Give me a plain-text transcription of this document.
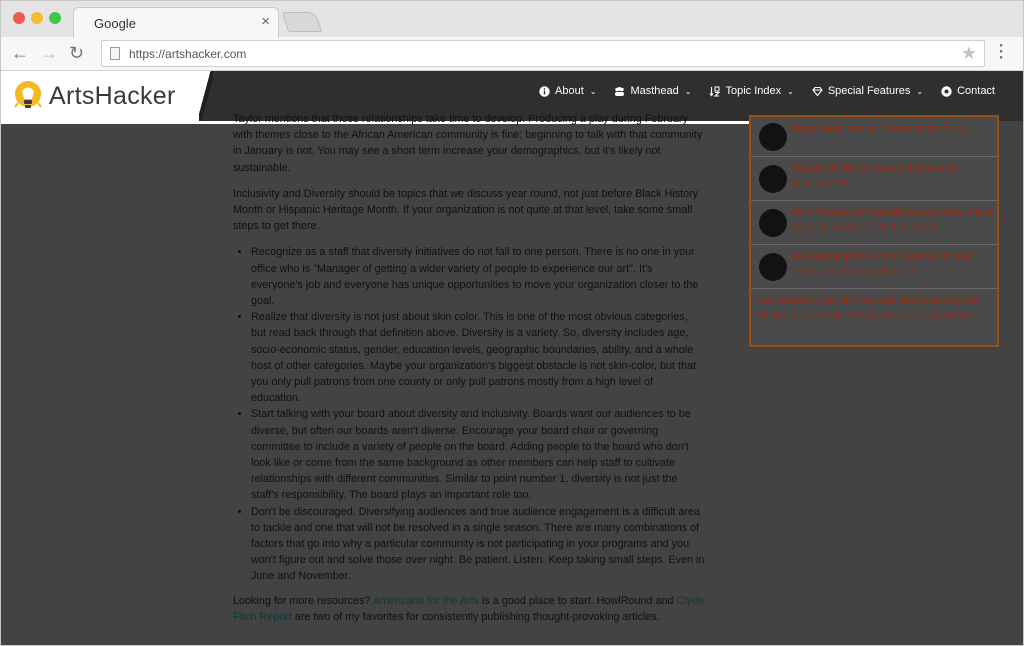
Google	×
← → ↻	https://artshacker.com	★	●
●
●
ArtsHacker	About ⌄	Masthead ⌄	Topic Index ⌄	Special Features ⌄	Contact

Taylor mentions that those relationships take time to develop. Producing a play during February with themes close to the African American community is fine; beginning to talk with that community in January is not. You may see a short term increase your demographics, but it's likely not sustainable.

Inclusivity and Diversity should be topics that we discuss year round, not just before Black History Month or Hispanic Heritage Month. If your organization is not quite at that level, take some small steps to get there.

• Recognize as a staff that diversity initiatives do not fall to one person. There is no one in your office who is "Manager of getting a wider variety of people to experience our art". It's everyone's job and everyone has unique opportunities to move your organization closer to the goal.
• Realize that diversity is not just about skin color. This is one of the most obvious categories, but read back through that definition above. Diversity is a variety. So, diversity includes age, socio-economic status, gender, education levels, geographic boundaries, ability, and a whole host of other categories. Maybe your organization's biggest obstacle is not skin-color, but that you only pull patrons from one county or only pull patrons mostly from a high level of education.
• Start talking with your board about diversity and inclusivity. Boards want our audiences to be diverse, but often our boards aren't diverse. Encourage your board chair or governing committee to include a variety of people on the board. Adding people to the board who don't look like or come from the same background as other members can help staff to cultivate relationships with different communities. Similar to point number 1, diversity is not just the staff's responsibility. The board plays an important role too.
• Don't be discouraged. Diversifying audiences and true audience engagement is a difficult area to tackle and one that will not be resolved in a single season. There are many combinations of factors that go into why a particular community is not participating in your programs and you won't figure out and solve those over night. Be patient. Listen. Keep taking small steps. Even in June and November.

Looking for more resources? Americans for the Arts is a good place to start. HowlRound and Clyde Fitch Report are two of my favorites for consistently publishing thought-provoking articles.

Happy Geek: Genius! Thanks for the fix :o)...
Claudia: Hi! Did you have a chance to try Appoint.ly? I'm ...
Keith Tomasek (@FestivalReviews): Drew, thanks very much for these. I've been using...
www.stephenpbrown.com: Sighing with relief. There are so many options out...
Let Someone Else Help You Look Like A Genius | Arts Hacker: [...] the wake of Samantha Teter's ArtsHacke...
